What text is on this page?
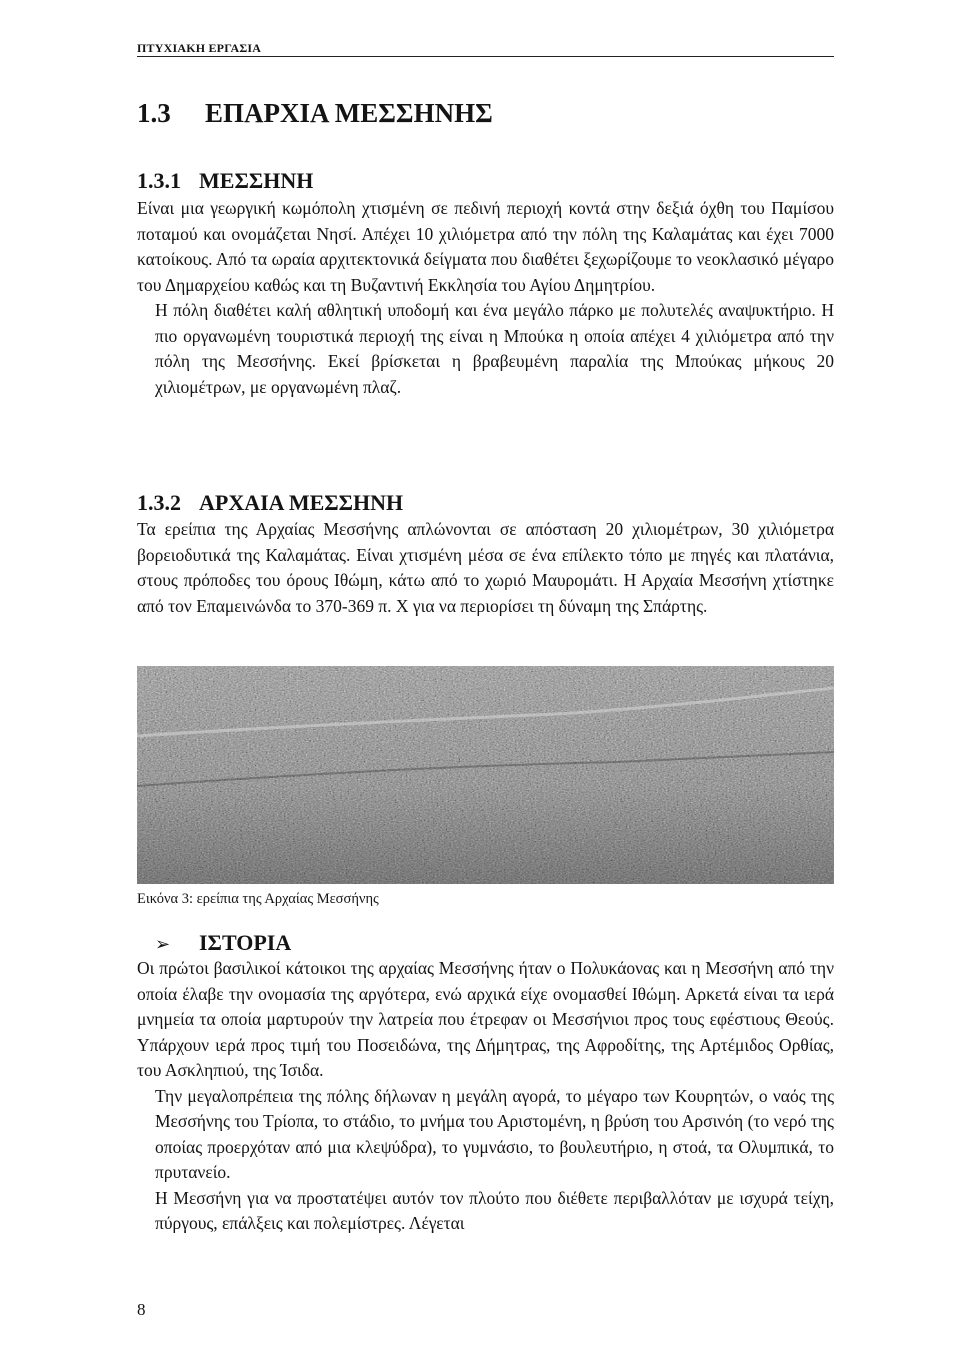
ΠΤΥΧΙΑΚΗ ΕΡΓΑΣΙΑ
1.3 ΕΠΑΡΧΙΑ ΜΕΣΣΗΝΗΣ
1.3.1 ΜΕΣΣΗΝΗ

Είναι μια γεωργική κωμόπολη χτισμένη σε πεδινή περιοχή κοντά στην δεξιά όχθη του Παμίσου ποταμού και ονομάζεται Νησί. Απέχει 10 χιλιόμετρα από την πόλη της Καλαμάτας και έχει 7000 κατοίκους. Από τα ωραία αρχιτεκτονικά δείγματα που διαθέτει ξεχωρίζουμε το νεοκλασικό μέγαρο του Δημαρχείου καθώς και τη Βυζαντινή Εκκλησία του Αγίου Δημητρίου.

Η πόλη διαθέτει καλή αθλητική υποδομή και ένα μεγάλο πάρκο με πολυτελές αναψυκτήριο. Η πιο οργανωμένη τουριστικά περιοχή της είναι η Μπούκα η οποία απέχει 4 χιλιόμετρα από την πόλη της Μεσσήνης. Εκεί βρίσκεται η βραβευμένη παραλία της Μπούκας μήκους 20 χιλιομέτρων, με οργανωμένη πλαζ.

1.3.2 ΑΡΧΑΙΑ ΜΕΣΣΗΝΗ

Τα ερείπια της Αρχαίας Μεσσήνης απλώνονται σε απόσταση 20 χιλιομέτρων, 30 χιλιόμετρα βορειοδυτικά της Καλαμάτας. Είναι χτισμένη μέσα σε ένα επίλεκτο τόπο με πηγές και πλατάνια, στους πρόποδες του όρους Ιθώμη, κάτω από το χωριό Μαυρομάτι. Η Αρχαία Μεσσήνη χτίστηκε από τον Επαμεινώνδα το 370-369 π. Χ για να περιορίσει τη δύναμη της Σπάρτης.

Εικόνα 3: ερείπια της Αρχαίας Μεσσήνης
➢ ΙΣΤΟΡΙΑ

Οι πρώτοι βασιλικοί κάτοικοι της αρχαίας Μεσσήνης ήταν ο Πολυκάονας και η Μεσσήνη από την οποία έλαβε την ονομασία της αργότερα, ενώ αρχικά είχε ονομασθεί Ιθώμη. Αρκετά είναι τα ιερά μνημεία τα οποία μαρτυρούν την λατρεία που έτρεφαν οι Μεσσήνιοι προς τους εφέστιους Θεούς. Υπάρχουν ιερά προς τιμή του Ποσειδώνα, της Δήμητρας, της Αφροδίτης, της Αρτέμιδος Ορθίας, του Ασκληπιού, της Ίσιδα.

Την μεγαλοπρέπεια της πόλης δήλωναν η μεγάλη αγορά, το μέγαρο των Κουρητών, ο ναός της Μεσσήνης του Τρίοπα, το στάδιο, το μνήμα του Αριστομένη, η βρύση του Αρσινόη (το νερό της οποίας προερχόταν από μια κλεψύδρα), το γυμνάσιο, το βουλευτήριο, η στοά, τα Ολυμπικά, το πρυτανείο.

Η Μεσσήνη για να προστατέψει αυτόν τον πλούτο που διέθετε περιβαλλόταν με ισχυρά τείχη, πύργους, επάλξεις και πολεμίστρες. Λέγεται

8
